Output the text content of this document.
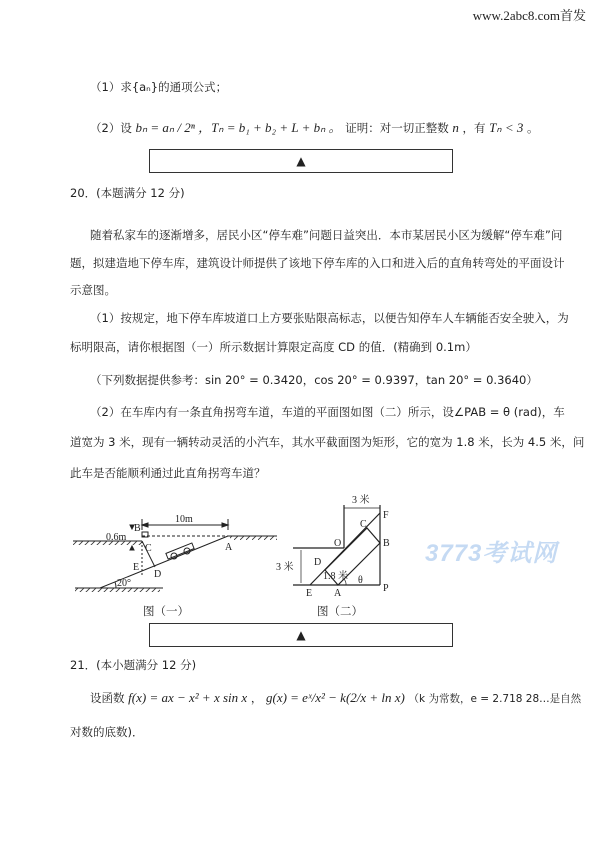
www.2abc8.com首发
3773考试网
（1）求{aₙ}的通项公式；
（2）设 bₙ = aₙ / 2ⁿ ，Tₙ = b₁ + b₂ + L + bₙ 。 证明：对一切正整数 n ，有 Tₙ < 3 。
▲
20．(本题满分 12 分)
随着私家车的逐渐增多，居民小区“停车难”问题日益突出．本市某居民小区为缓解“停车难”问
题，拟建造地下停车库，建筑设计师提供了该地下停车库的入口和进入后的直角转弯处的平面设计
示意图。
（1）按规定，地下停车库坡道口上方要张贴限高标志，以便告知停车人车辆能否安全驶入，为
标明限高，请你根据图（一）所示数据计算限定高度 CD 的值．(精确到 0.1m）
（下列数据提供参考：sin 20° = 0.3420，cos 20° = 0.9397，tan 20° = 0.3640）
（2）在车库内有一条直角拐弯车道，车道的平面图如图（二）所示，设∠PAB = θ (rad)，车
道宽为 3 米，现有一辆转动灵活的小汽车，其水平截面图为矩形，它的宽为 1.8 米，长为 4.5 米，问
此车是否能顺利通过此直角拐弯车道？
10m
0.6m
20°
B
C
D
E
A
3 米
3 米
1.8 米 θ
F
C
B
O
D
E A	P
图（一）	图（二）
▲
21．(本小题满分 12 分)
设函数 f(x) = ax − x² + x sin x ， g(x) = eˣ/x² − k(2/x + ln x) （k 为常数，e = 2.718 28…是自然
对数的底数)．
